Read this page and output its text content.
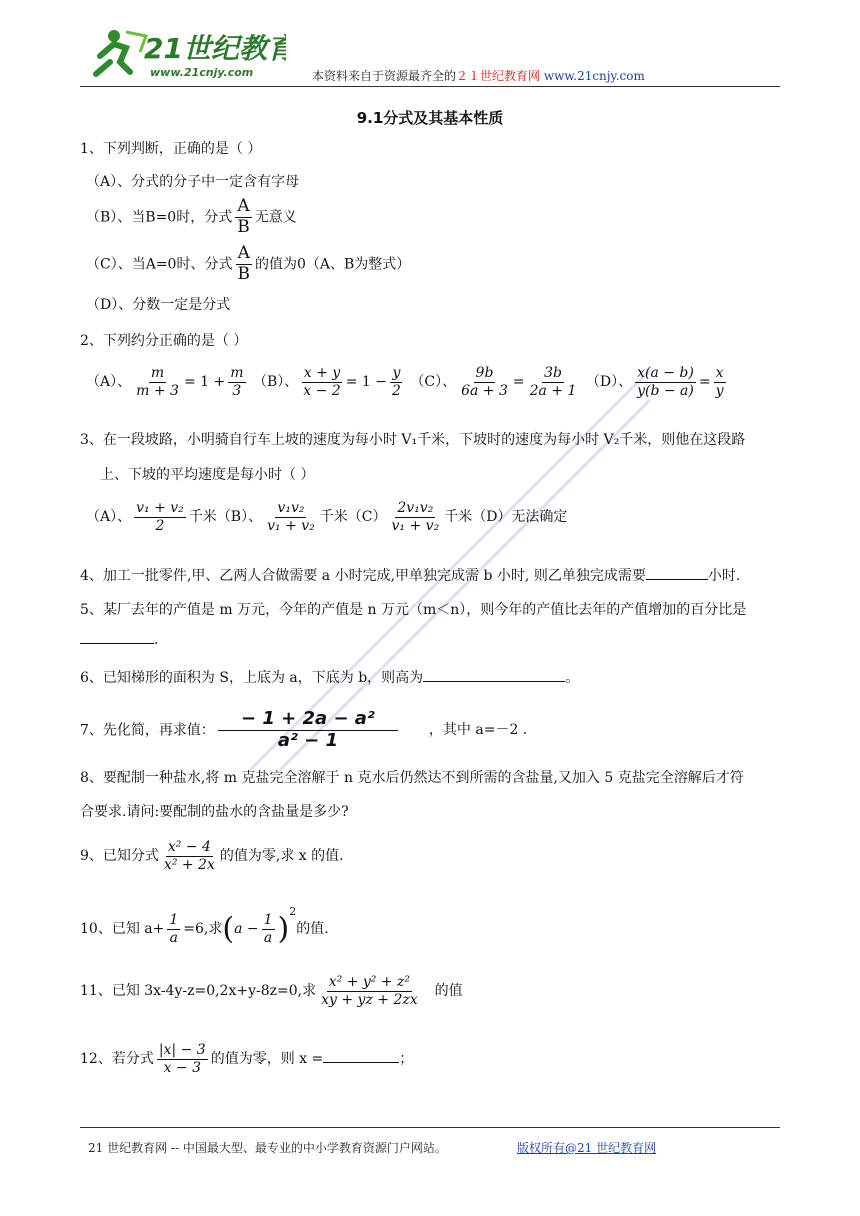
21世纪教育
www.21cnjy.com	本资料来自于资源最齐全的２１世纪教育网 www.21cnjy.com
9.1分式及其基本性质
1、下列判断，正确的是（ ）
（A）、分式的分子中一定含有字母
（B）、当B=0时，分式 $\frac{A}{B}$ 无意义
（C）、当A=0时、分式 $\frac{A}{B}$ 的值为0（A、B为整式）
（D）、分数一定是分式
2、下列约分正确的是（ ）
（A）、 $\frac{m}{m + 3} = 1 + \frac{m}{3} (B)$、 $\frac{x + y}{x - 2} = 1 - \frac{y}{2} (C)$、 $\frac{9b}{6a + 3} = \frac{3b}{2a + 1} (D)$、 $\frac{x(a - b)}{y(b - a)} = \frac{x}{y}$
3、在一段坡路，小明骑自行车上坡的速度为每小时 V₁千米，下坡时的速度为每小时 V₂千米，则他在这段路
上、下坡的平均速度是每小时（ ）
（A）、 $\frac{\text{v₁ + v₂}}{2}$ 千米（B）、 $\frac{\text{v₁v₂}}{\text{v₁ + v₂}}$ 千米$(C) \frac{\text{2v₁v₂}}{\text{v₁ + v₂}}$ 千米（D）无法确定
4、加工一批零件,甲、乙两人合做需要 a 小时完成,甲单独完成需 b 小时, 则乙单独完成需要	小时.
5、某厂去年的产值是 m 万元，今年的产值是 n 万元（m＜n），则今年的产值比去年的产值增加的百分比是
.
6、已知梯形的面积为 S，上底为 a，下底为 b，则高为	。
7、先化简，再求值： $\frac{\text{− 1 + 2a − a²}}{\text{a² − 1}}$ ，其中 a=－2 .
8、要配制一种盐水,将 m 克盐完全溶解于 n 克水后仍然达不到所需的含盐量,又加入 5 克盐完全溶解后才符
合要求.请问:要配制的盐水的含盐量是多少?
9、已知分式 $\frac{\text{x² − 4}}{\text{x² + 2x}}$ 的值为零,求 x 的值.
10、已知 $a+ \frac{1}{a} =6$,求$(a - \frac{1}{a} )^2$的值.
11、已知 3x-4y-z=0,2x+y-8z=0,求 $\frac{\text{x² + y² + z²}}{xy + yz + 2zx}$ 的值
12、若分式 $\frac{|x| - 3}{x - 3}$ 的值为零，则 x =	；
21 世纪教育网 -- 中国最大型、最专业的中小学教育资源门户网站。	版权所有@21 世纪教育网
